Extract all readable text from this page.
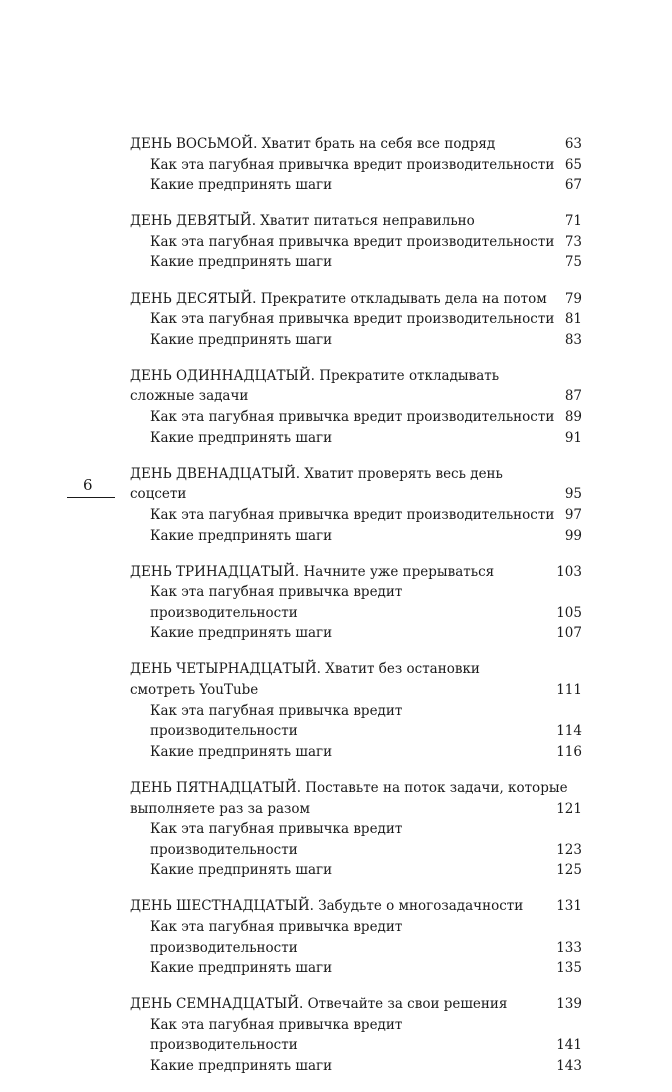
ДЕНЬ ВОСЬМОЙ. Хватит брать на себя все подряд	63
Как эта пагубная привычка вредит производительности 65
Какие предпринять шаги	67
ДЕНЬ ДЕВЯТЫЙ. Хватит питаться неправильно	71
Как эта пагубная привычка вредит производительности 73
Какие предпринять шаги	75
ДЕНЬ ДЕСЯТЫЙ. Прекратите откладывать дела на потом	79
Как эта пагубная привычка вредит производительности 81
Какие предпринять шаги	83
ДЕНЬ ОДИННАДЦАТЫЙ. Прекратите откладывать
сложные задачи	87
Как эта пагубная привычка вредит производительности 89
Какие предпринять шаги	91
ДЕНЬ ДВЕНАДЦАТЫЙ. Хватит проверять весь день соцсети	95
Как эта пагубная привычка вредит производительности 97
Какие предпринять шаги	99
ДЕНЬ ТРИНАДЦАТЫЙ. Начните уже прерываться	103
Как эта пагубная привычка вредит производительности	105
Какие предпринять шаги	107
ДЕНЬ ЧЕТЫРНАДЦАТЫЙ. Хватит без остановки
смотреть YouTube	111
Как эта пагубная привычка вредит производительности	114
Какие предпринять шаги	116
ДЕНЬ ПЯТНАДЦАТЫЙ. Поставьте на поток задачи, которые
выполняете раз за разом	121
Как эта пагубная привычка вредит производительности	123
Какие предпринять шаги	125
ДЕНЬ ШЕСТНАДЦАТЫЙ. Забудьте о многозадачности	131
Как эта пагубная привычка вредит производительности	133
Какие предпринять шаги	135
ДЕНЬ СЕМНАДЦАТЫЙ. Отвечайте за свои решения	139
Как эта пагубная привычка вредит производительности	141
Какие предпринять шаги	143
6
